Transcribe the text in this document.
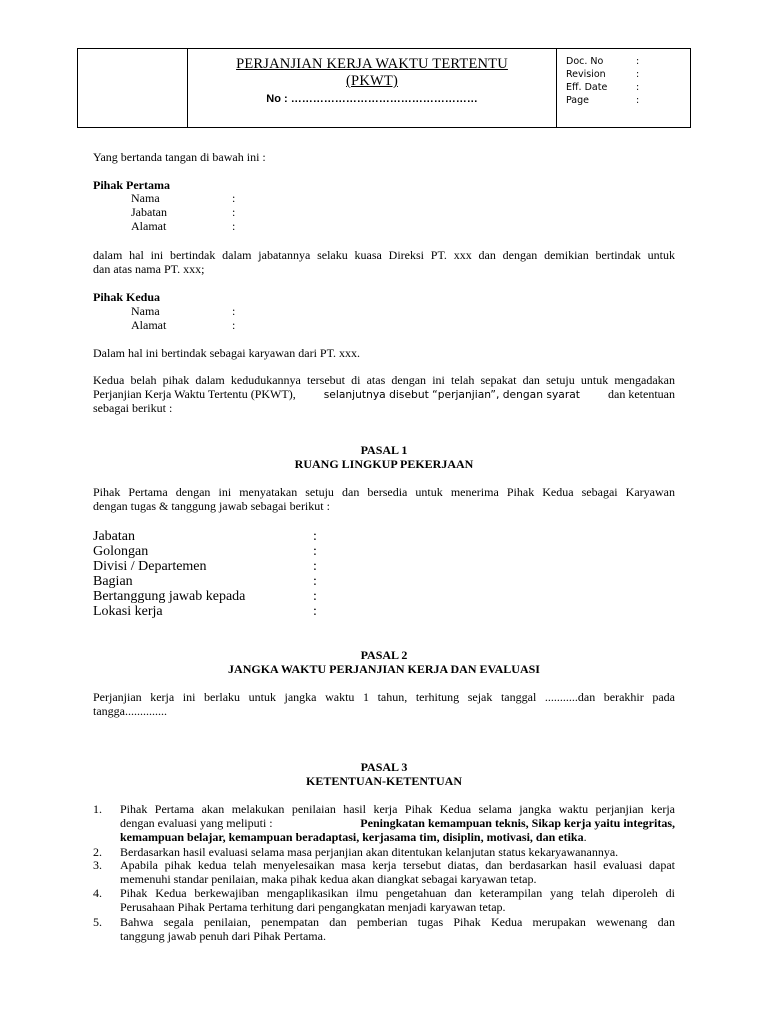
PERJANJIAN KERJA WAKTU TERTENTU
(PKWT)
No : ……………………………………………
Doc. No	:
Revision	:
Eff. Date	:
Page	:
Yang bertanda tangan di bawah ini :
Pihak Pertama
Nama	:
Jabatan	:
Alamat	:
dalam hal ini bertindak dalam jabatannya selaku kuasa Direksi PT. xxx dan dengan demikian bertindak untuk
dan atas nama PT. xxx;
Pihak Kedua
Nama	:
Alamat	:
Dalam hal ini bertindak sebagai karyawan dari PT. xxx.
Kedua belah pihak dalam kedudukannya tersebut di atas dengan ini telah sepakat dan setuju untuk mengadakan
Perjanjian Kerja Waktu Tertentu (PKWT),	selanjutnya disebut “perjanjian”, dengan syarat dan ketentuan
sebagai berikut :
PASAL 1
RUANG LINGKUP PEKERJAAN
Pihak Pertama dengan ini menyatakan setuju dan bersedia untuk menerima Pihak Kedua sebagai Karyawan
dengan tugas & tanggung jawab sebagai berikut :
Jabatan	:
Golongan	:
Divisi / Departemen	:
Bagian	:
Bertanggung jawab kepada	:
Lokasi kerja	:
PASAL 2
JANGKA WAKTU PERJANJIAN KERJA DAN EVALUASI
Perjanjian kerja ini berlaku untuk jangka waktu 1 tahun, terhitung sejak tanggal ...........dan berakhir pada
tangga..............
PASAL 3
KETENTUAN-KETENTUAN
1. Pihak Pertama akan melakukan penilaian hasil kerja Pihak Kedua selama jangka waktu perjanjian kerja
dengan evaluasi yang meliputi :	Peningkatan kemampuan teknis, Sikap kerja yaitu integritas,
kemampuan belajar, kemampuan beradaptasi, kerjasama tim, disiplin, motivasi, dan etika.
2. Berdasarkan hasil evaluasi selama masa perjanjian akan ditentukan kelanjutan status kekaryawanannya.
3. Apabila pihak kedua telah menyelesaikan masa kerja tersebut diatas, dan berdasarkan hasil evaluasi dapat
memenuhi standar penilaian, maka pihak kedua akan diangkat sebagai karyawan tetap.
4. Pihak Kedua berkewajiban mengaplikasikan ilmu pengetahuan dan keterampilan yang telah diperoleh di
Perusahaan Pihak Pertama terhitung dari pengangkatan menjadi karyawan tetap.
5. Bahwa segala penilaian, penempatan dan pemberian tugas Pihak Kedua merupakan wewenang dan
tanggung jawab penuh dari Pihak Pertama.
